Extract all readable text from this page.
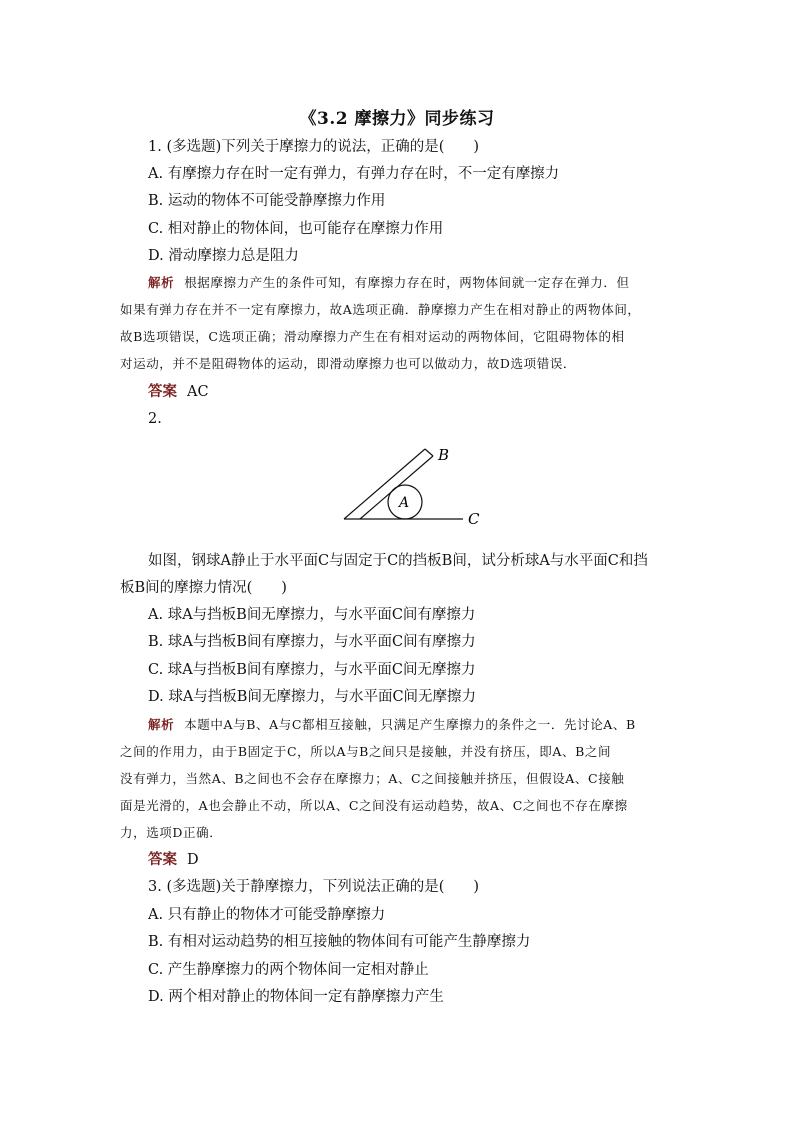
《3.2 摩擦力》同步练习
1. (多选题)下列关于摩擦力的说法，正确的是(　　)
A. 有摩擦力存在时一定有弹力，有弹力存在时，不一定有摩擦力
B. 运动的物体不可能受静摩擦力作用
C. 相对静止的物体间，也可能存在摩擦力作用
D. 滑动摩擦力总是阻力
解析 根据摩擦力产生的条件可知，有摩擦力存在时，两物体间就一定存在弹力．但
如果有弹力存在并不一定有摩擦力，故A选项正确．静摩擦力产生在相对静止的两物体间，
故B选项错误，C选项正确；滑动摩擦力产生在有相对运动的两物体间，它阻碍物体的相
对运动，并不是阻碍物体的运动，即滑动摩擦力也可以做动力，故D选项错误．
答案 AC
2.
B
A
C
如图，钢球A静止于水平面C与固定于C的挡板B间，试分析球A与水平面C和挡
板B间的摩擦力情况(　　)
A. 球A与挡板B间无摩擦力，与水平面C间有摩擦力
B. 球A与挡板B间有摩擦力，与水平面C间有摩擦力
C. 球A与挡板B间有摩擦力，与水平面C间无摩擦力
D. 球A与挡板B间无摩擦力，与水平面C间无摩擦力
解析 本题中A与B、A与C都相互接触，只满足产生摩擦力的条件之一．先讨论A、B
之间的作用力，由于B固定于C，所以A与B之间只是接触，并没有挤压，即A、B之间
没有弹力，当然A、B之间也不会存在摩擦力；A、C之间接触并挤压，但假设A、C接触
面是光滑的，A也会静止不动，所以A、C之间没有运动趋势，故A、C之间也不存在摩擦
力，选项D正确．
答案 D
3. (多选题)关于静摩擦力，下列说法正确的是(　　)
A. 只有静止的物体才可能受静摩擦力
B. 有相对运动趋势的相互接触的物体间有可能产生静摩擦力
C. 产生静摩擦力的两个物体间一定相对静止
D. 两个相对静止的物体间一定有静摩擦力产生
